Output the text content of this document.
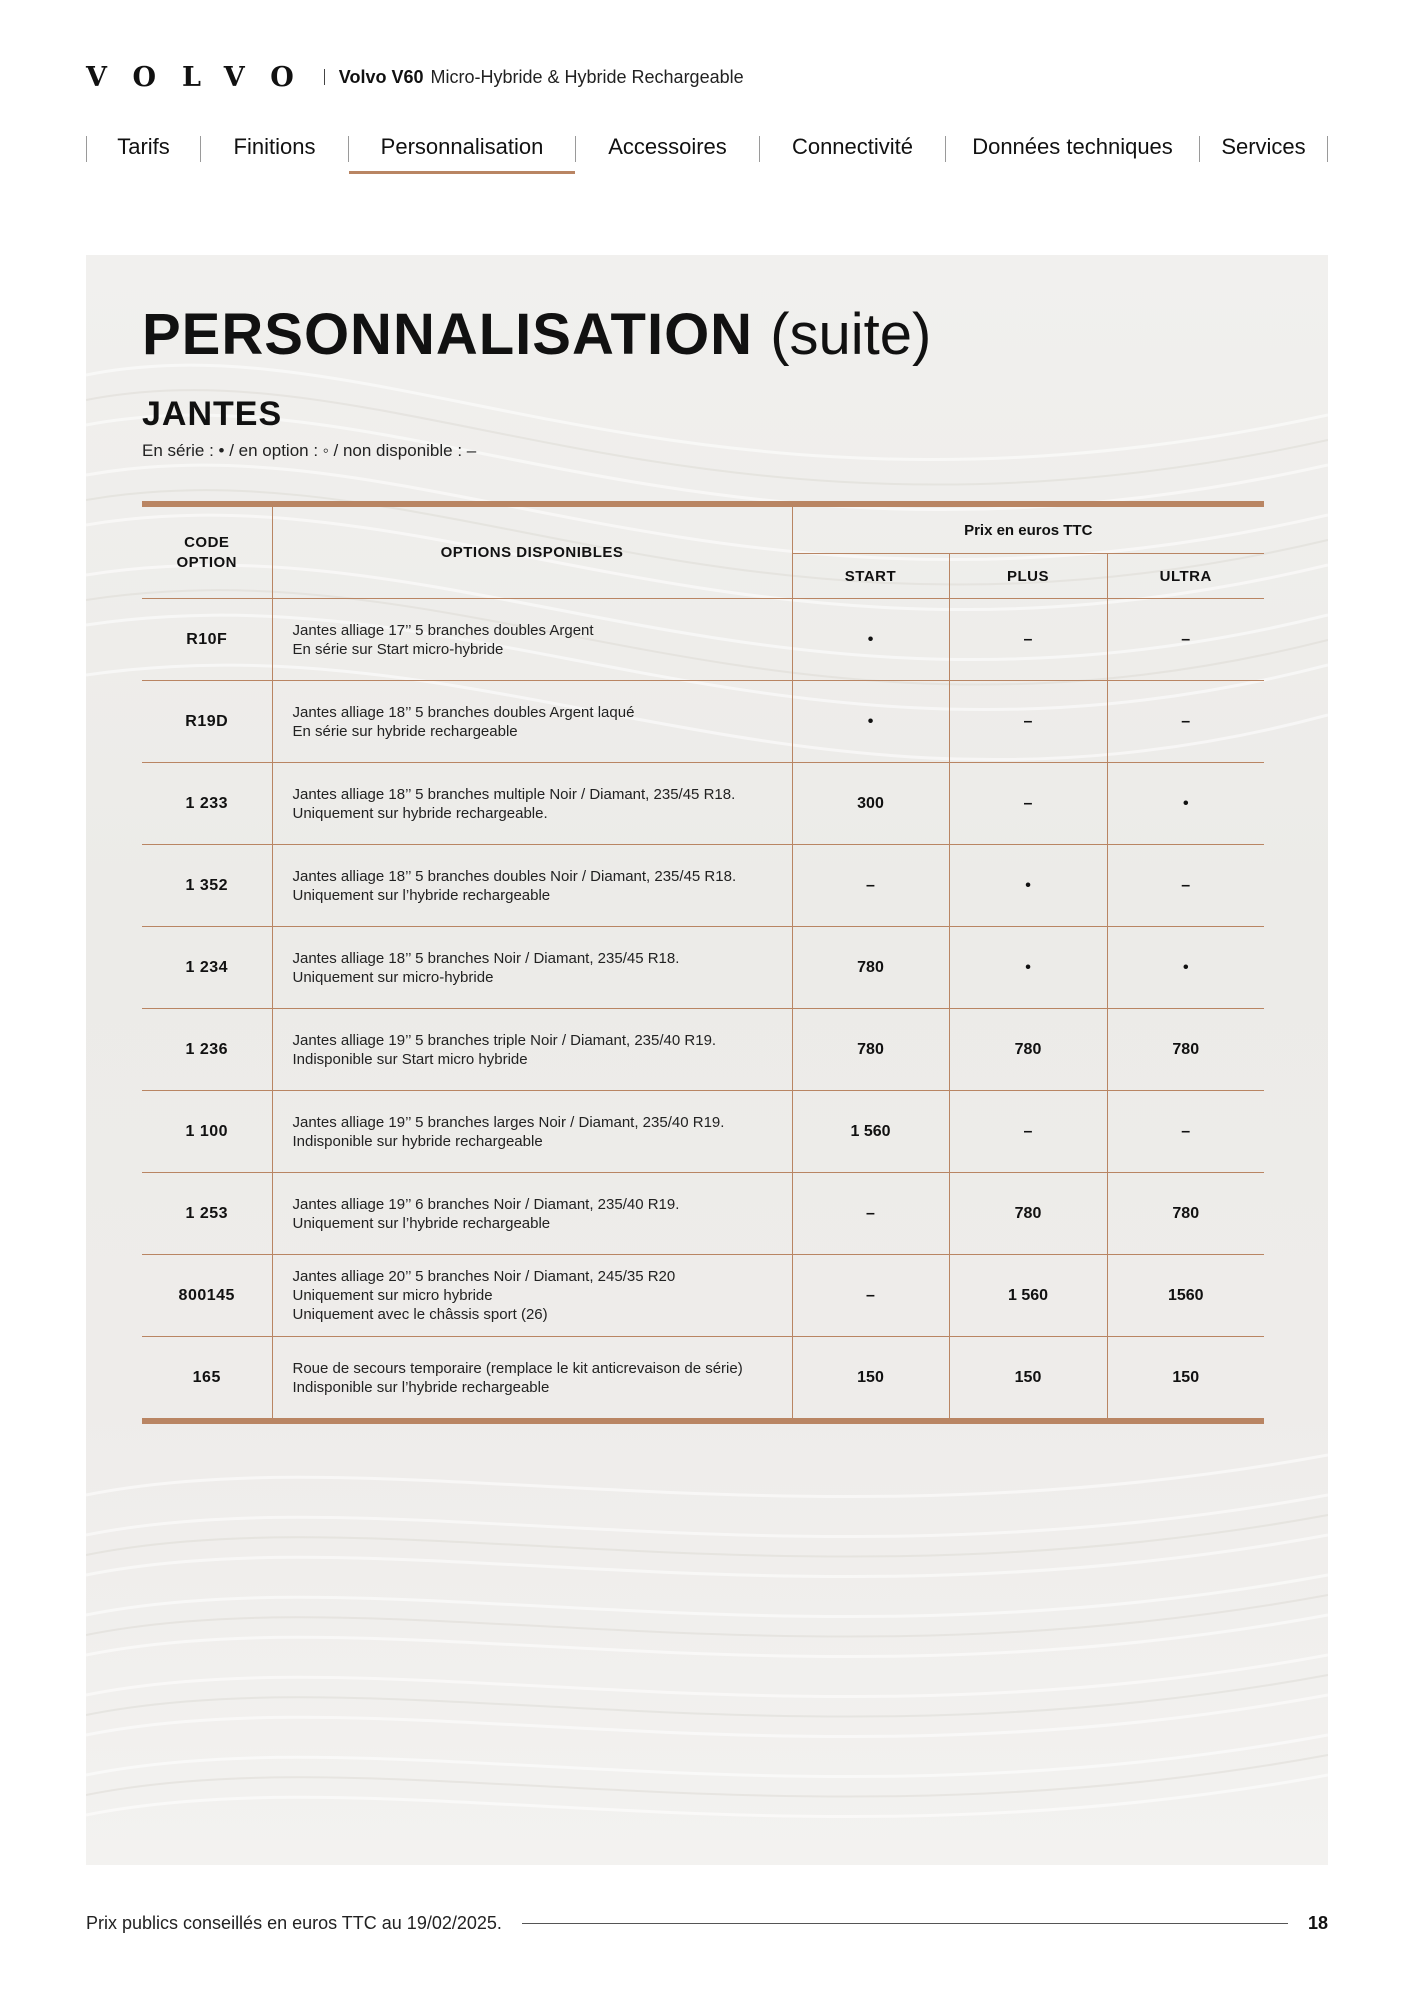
VOLVO Volvo V60 Micro-Hybride & Hybride Rechargeable
Tarifs	Finitions	Personnalisation	Accessoires	Connectivité	Données techniques	Services
PERSONNALISATION (suite)
JANTES
En série : • / en option : ◦ / non disponible : –
CODE OPTION	OPTIONS DISPONIBLES	Prix en euros TTC		
		START	PLUS	ULTRA
R10F	Jantes alliage 17’’ 5 branches doubles Argent
En série sur Start micro-hybride	•	–	–
R19D	Jantes alliage 18’’ 5 branches doubles Argent laqué
En série sur hybride rechargeable	•	–	–
1 233	Jantes alliage 18’’ 5 branches multiple Noir / Diamant, 235/45 R18.
Uniquement sur hybride rechargeable.	300	–	•
1 352	Jantes alliage 18’’ 5 branches doubles Noir / Diamant, 235/45 R18.
Uniquement sur l’hybride rechargeable	–	•	–
1 234	Jantes alliage 18’’ 5 branches Noir / Diamant, 235/45 R18.
Uniquement sur micro-hybride	780	•	•
1 236	Jantes alliage 19’’ 5 branches triple Noir / Diamant, 235/40 R19.
Indisponible sur Start micro hybride	780	780	780
1 100	Jantes alliage 19’’ 5 branches larges Noir / Diamant, 235/40 R19.
Indisponible sur hybride rechargeable	1 560	–	–
1 253	Jantes alliage 19’’ 6 branches Noir / Diamant, 235/40 R19.
Uniquement sur l’hybride rechargeable	–	780	780
800145	Jantes alliage 20’’ 5 branches Noir / Diamant, 245/35 R20
Uniquement sur micro hybride
Uniquement avec le châssis sport (26)	–	1 560	1560
165	Roue de secours temporaire (remplace le kit anticrevaison de série)
Indisponible sur l’hybride rechargeable	150	150	150
Prix publics conseillés en euros TTC au 19/02/2025.	18
